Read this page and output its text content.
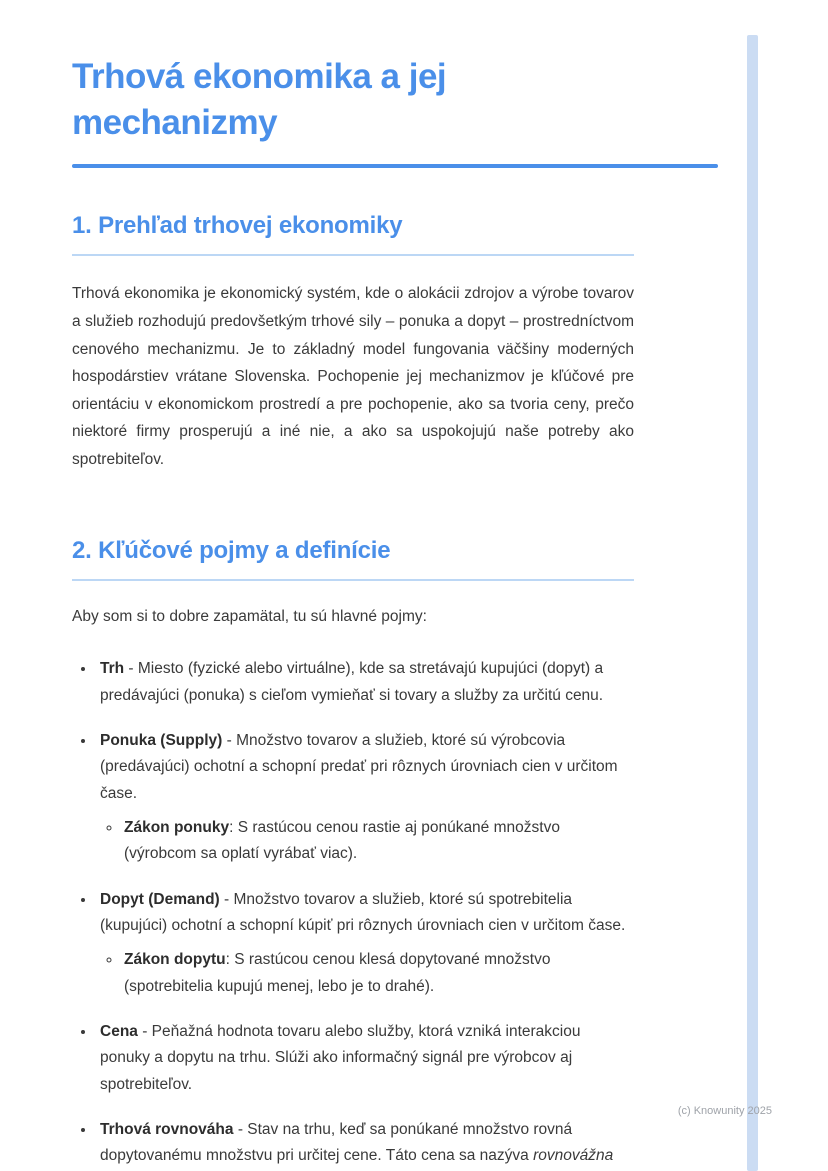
Trhová ekonomika a jej mechanizmy
1. Prehľad trhovej ekonomiky

Trhová ekonomika je ekonomický systém, kde o alokácii zdrojov a výrobe tovarov a služieb rozhodujú predovšetkým trhové sily – ponuka a dopyt – prostredníctvom cenového mechanizmu. Je to základný model fungovania väčšiny moderných hospodárstiev vrátane Slovenska. Pochopenie jej mechanizmov je kľúčové pre orientáciu v ekonomickom prostredí a pre pochopenie, ako sa tvoria ceny, prečo niektoré firmy prosperujú a iné nie, a ako sa uspokojujú naše potreby ako spotrebiteľov.

2. Kľúčové pojmy a definície

Aby som si to dobre zapamätal, tu sú hlavné pojmy:

• Trh - Miesto (fyzické alebo virtuálne), kde sa stretávajú kupujúci (dopyt) a predávajúci (ponuka) s cieľom vymieňať si tovary a služby za určitú cenu.
• Ponuka (Supply) - Množstvo tovarov a služieb, ktoré sú výrobcovia (predávajúci) ochotní a schopní predať pri rôznych úrovniach cien v určitom čase.
◦ Zákon ponuky: S rastúcou cenou rastie aj ponúkané množstvo (výrobcom sa oplatí vyrábať viac).
• Dopyt (Demand) - Množstvo tovarov a služieb, ktoré sú spotrebitelia (kupujúci) ochotní a schopní kúpiť pri rôznych úrovniach cien v určitom čase.
◦ Zákon dopytu: S rastúcou cenou klesá dopytované množstvo (spotrebitelia kupujú menej, lebo je to drahé).
• Cena - Peňažná hodnota tovaru alebo služby, ktorá vzniká interakciou ponuky a dopytu na trhu. Slúži ako informačný signál pre výrobcov aj spotrebiteľov.
• Trhová rovnováha - Stav na trhu, keď sa ponúkané množstvo rovná dopytovanému množstvu pri určitej cene. Táto cena sa nazýva rovnovážna
(c) Knowunity 2025
